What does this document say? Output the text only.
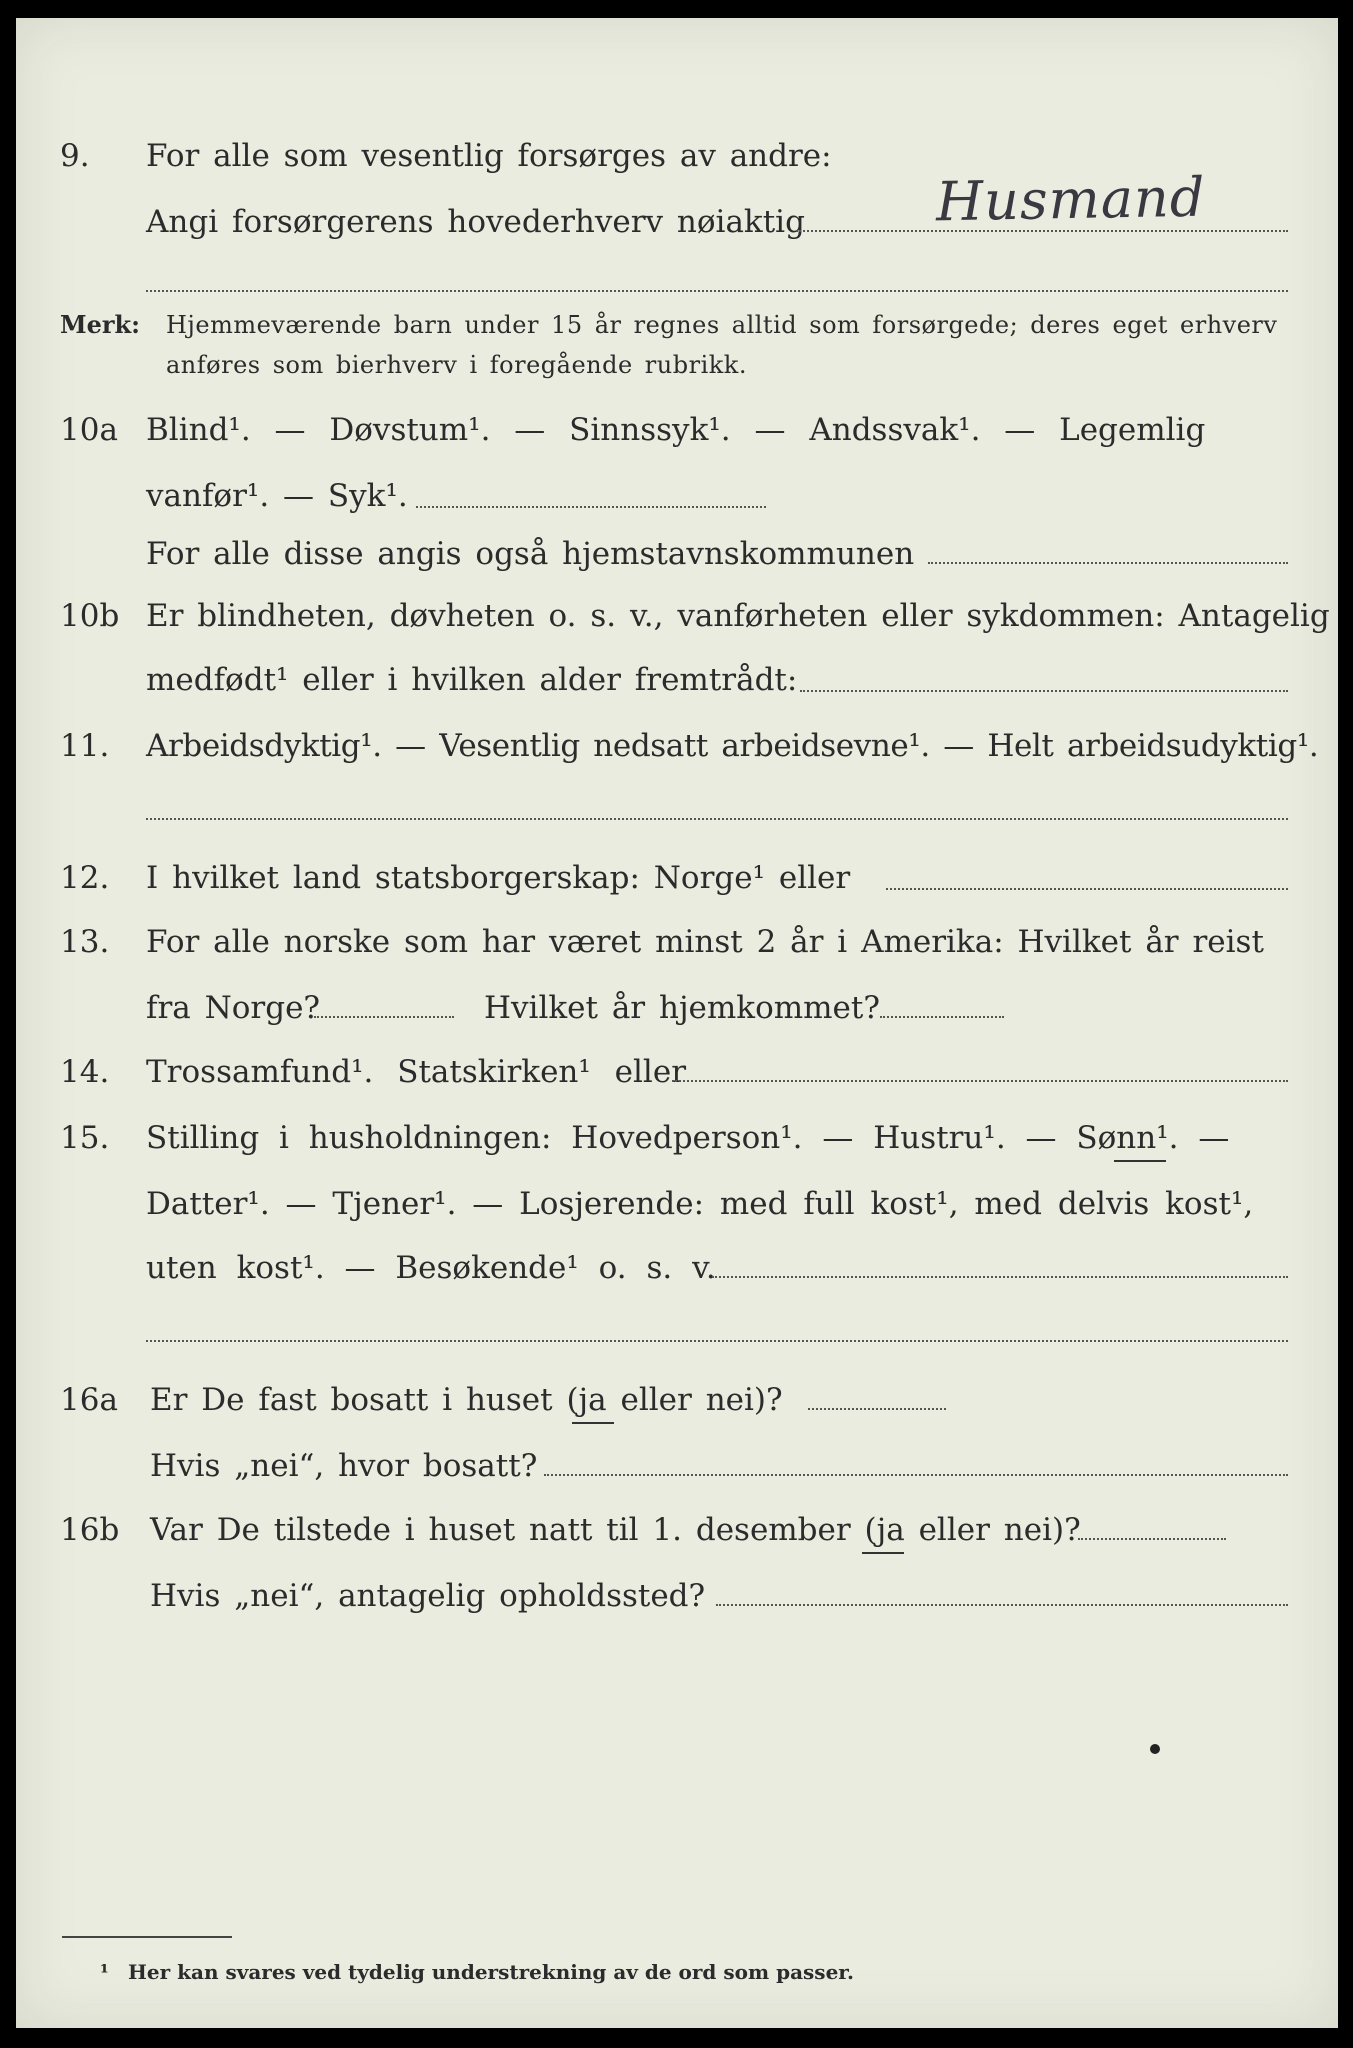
9. For alle som vesentlig forsørges av andre:
Angi forsørgerens hovederhverv nøiaktig Husmand
Merk: Hjemmeværende barn under 15 år regnes alltid som forsørgede; deres eget erhverv
anføres som bierhverv i foregående rubrikk.
10a Blind¹. — Døvstum¹. — Sinnssyk¹. — Andssvak¹. — Legemlig
vanfør¹. — Syk¹.
For alle disse angis også hjemstavnskommunen
10b Er blindheten, døvheten o. s. v., vanførheten eller sykdommen: Antagelig
medfødt¹ eller i hvilken alder fremtrådt:
11. Arbeidsdyktig¹. — Vesentlig nedsatt arbeidsevne¹. — Helt arbeidsudyktig¹.
12. I hvilket land statsborgerskap: Norge¹ eller
13. For alle norske som har været minst 2 år i Amerika: Hvilket år reist
fra Norge?	Hvilket år hjemkommet?
14. Trossamfund¹. Statskirken¹ eller
15. Stilling i husholdningen: Hovedperson¹. — Hustru¹. — Sønn¹. —
Datter¹. — Tjener¹. — Losjerende: med full kost¹, med delvis kost¹,
uten kost¹. — Besøkende¹ o. s. v.
16a Er De fast bosatt i huset (ja eller nei)?
Hvis „nei“, hvor bosatt?
16b Var De tilstede i huset natt til 1. desember (ja eller nei)?
Hvis „nei“, antagelig opholdssted?
¹ Her kan svares ved tydelig understrekning av de ord som passer.
